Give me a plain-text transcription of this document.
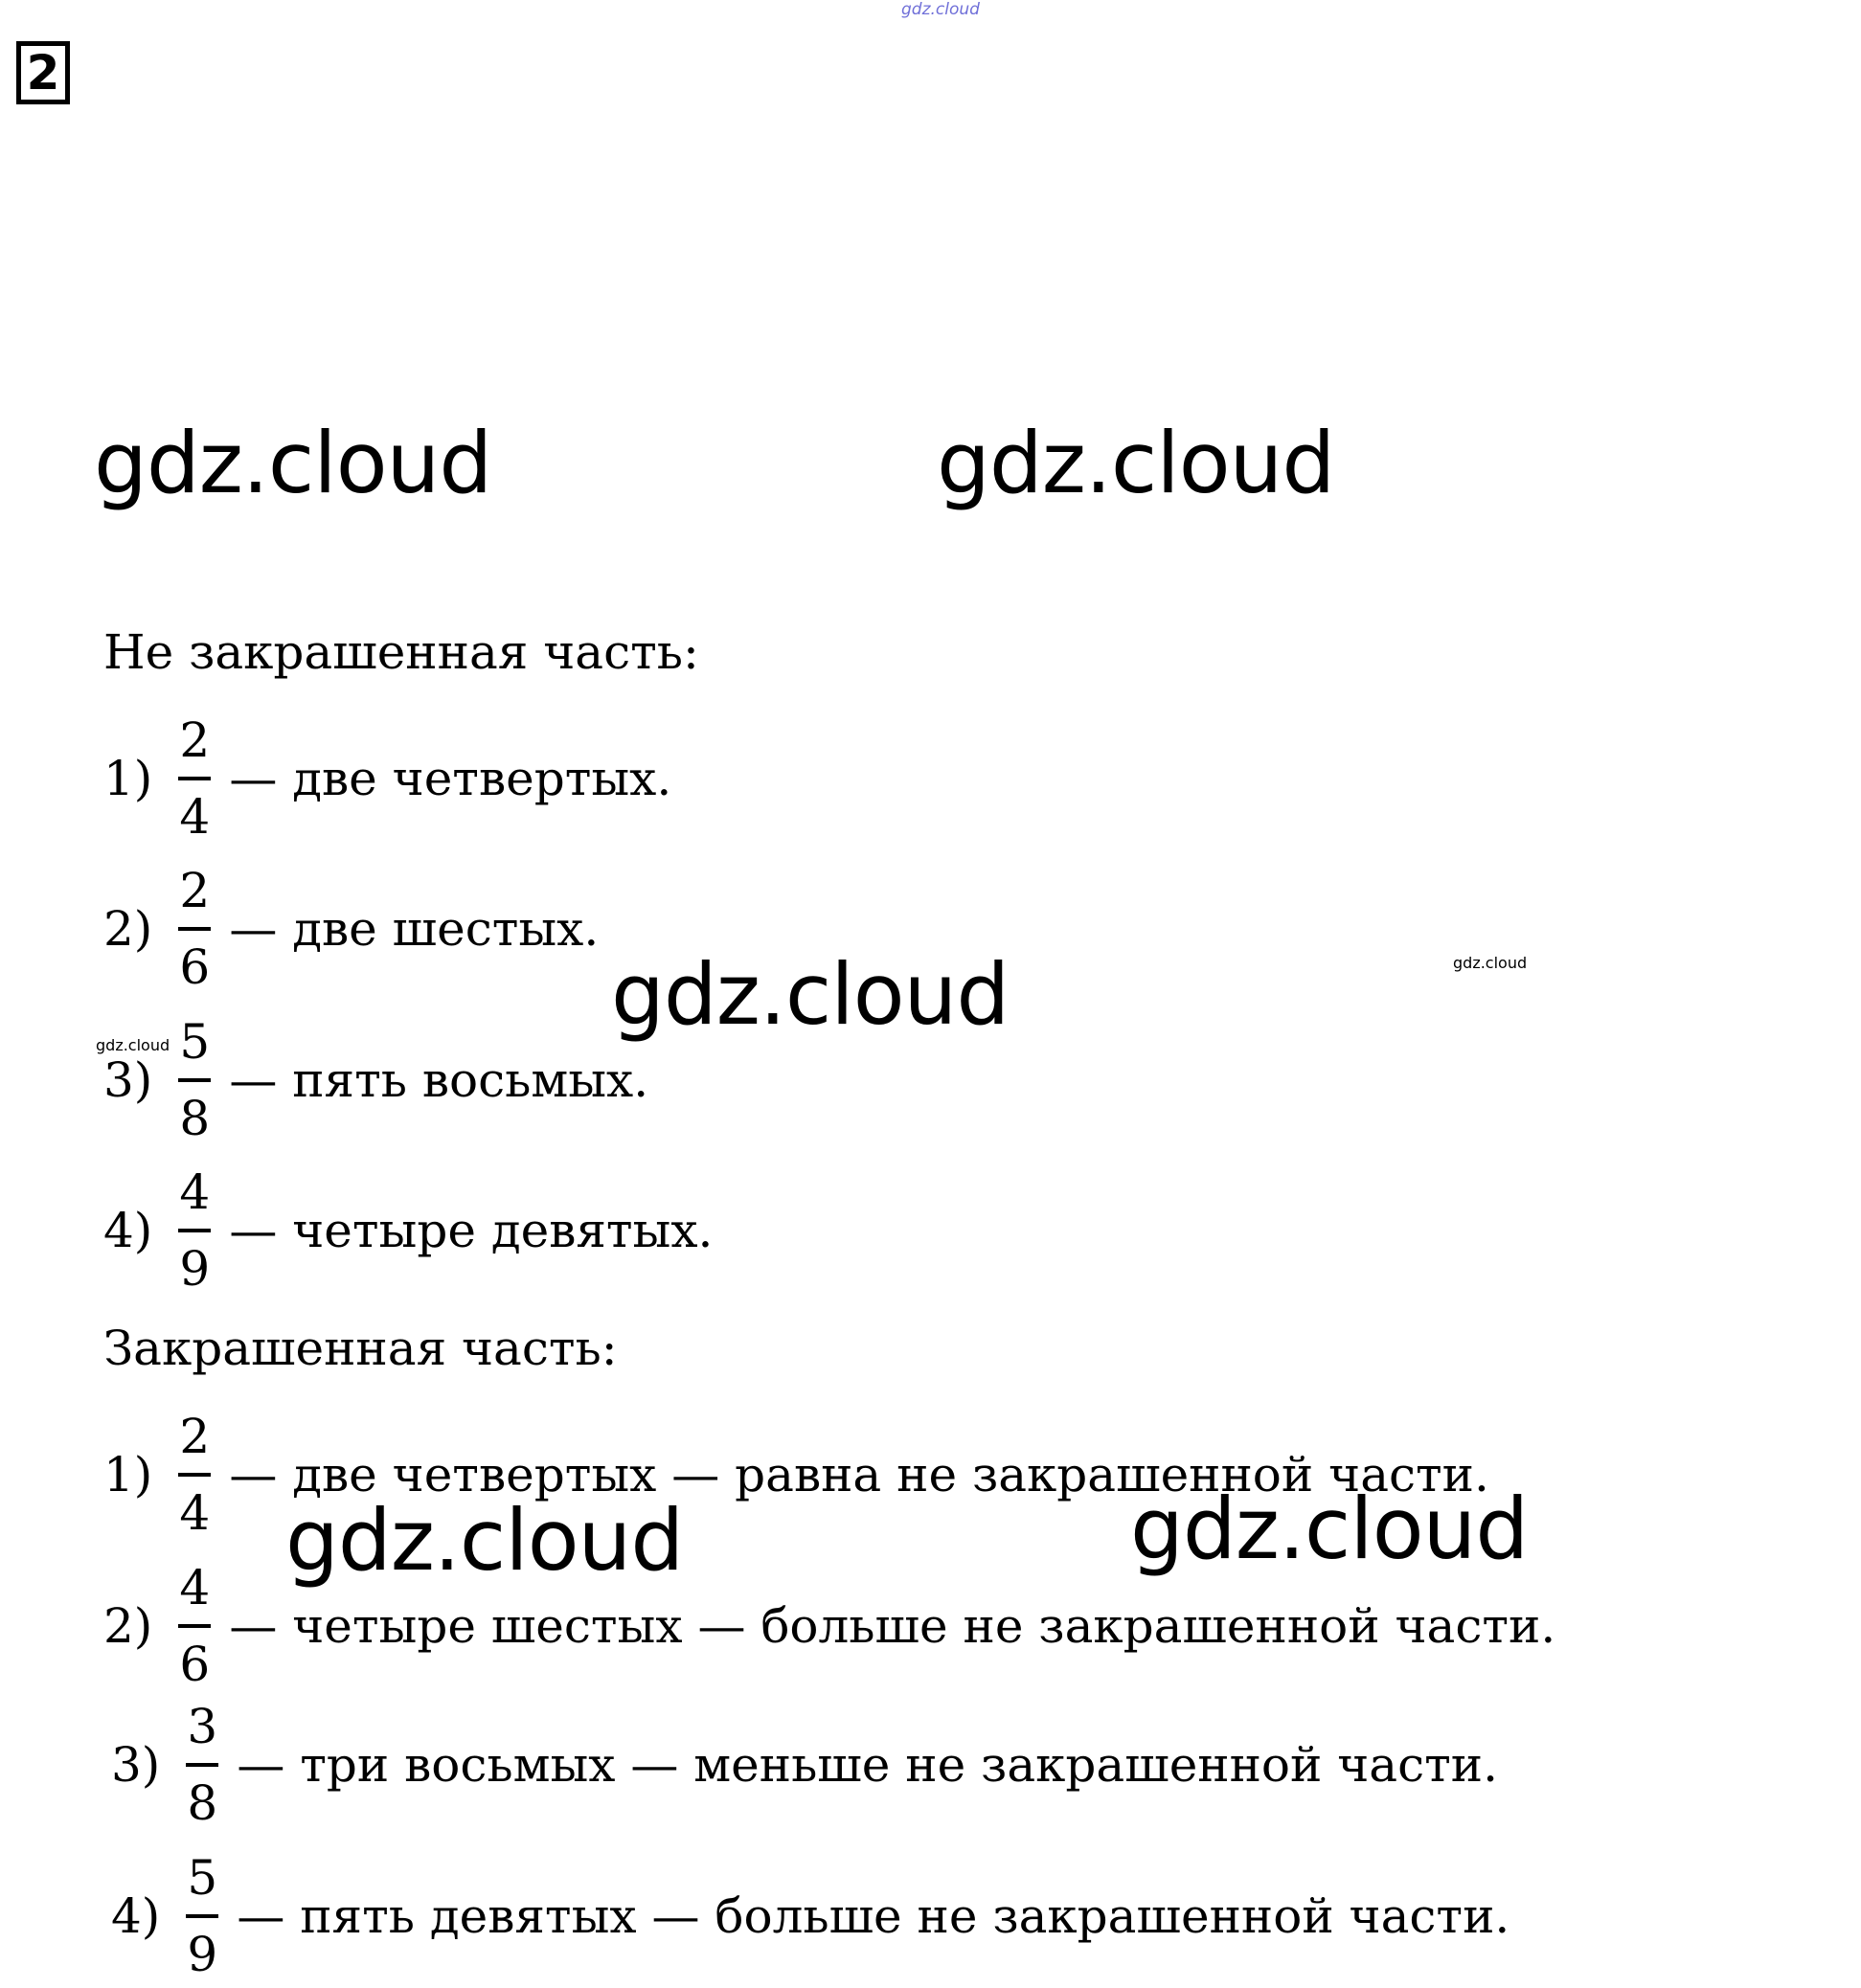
2
gdz.cloud
gdz.cloud	gdz.cloud
Не закрашенная часть:
$1) \frac{2}{4}$ — две четвертых.
$2) \frac{2}{6}$ — две шестых.
gdz.cloud	gdz.cloud
gdz.cloud
$3) \frac{5}{8}$ — пять восьмых.
$4) \frac{4}{9}$ — четыре девятых.
Закрашенная часть:
$1) \frac{2}{4}$ — две четвертых — равна не закрашенной части.
gdz.cloud	gdz.cloud
$2) \frac{4}{6}$ — четыре шестых — больше не закрашенной части.
$3) \frac{3}{8}$ — три восьмых — меньше не закрашенной части.
$4) \frac{5}{9}$ — пять девятых — больше не закрашенной части.
